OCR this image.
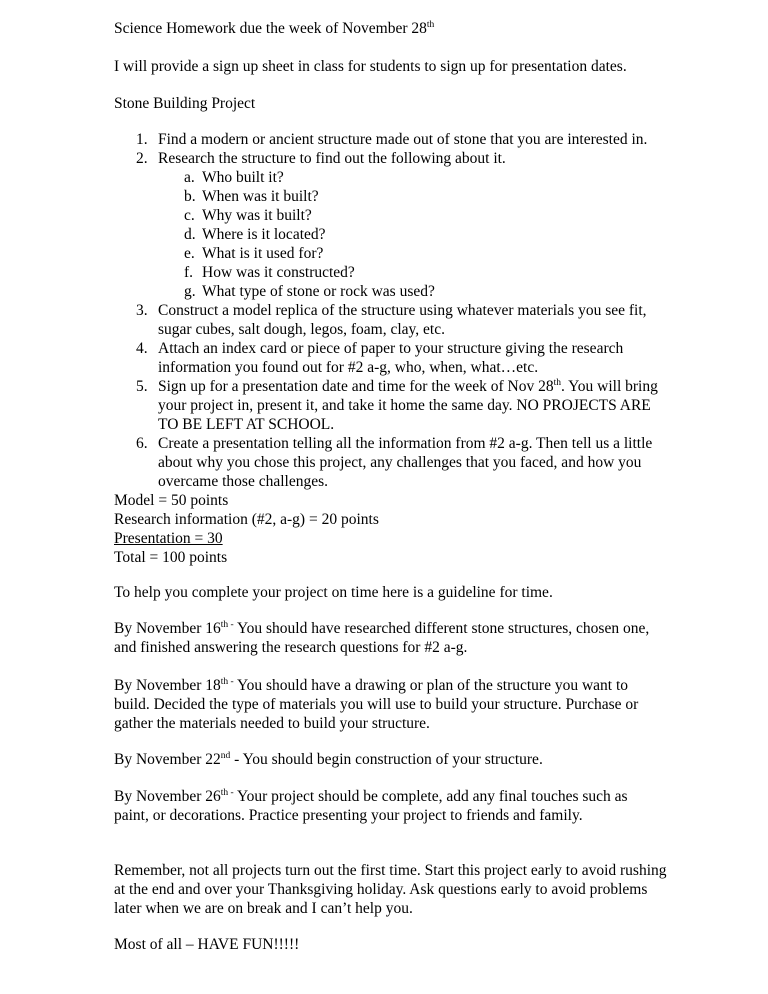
Science Homework due the week of November 28th

I will provide a sign up sheet in class for students to sign up for presentation dates.

Stone Building Project

1. Find a modern or ancient structure made out of stone that you are interested in.
2. Research the structure to find out the following about it.
a. Who built it?
b. When was it built?
c. Why was it built?
d. Where is it located?
e. What is it used for?
f. How was it constructed?
g. What type of stone or rock was used?
3. Construct a model replica of the structure using whatever materials you see fit,
sugar cubes, salt dough, legos, foam, clay, etc.
4. Attach an index card or piece of paper to your structure giving the research
information you found out for #2 a-g, who, when, what…etc.
5. Sign up for a presentation date and time for the week of Nov 28th. You will bring
your project in, present it, and take it home the same day. NO PROJECTS ARE
TO BE LEFT AT SCHOOL.
6. Create a presentation telling all the information from #2 a-g. Then tell us a little
about why you chose this project, any challenges that you faced, and how you
overcame those challenges.
Model = 50 points
Research information (#2, a-g) = 20 points
Presentation = 30
Total = 100 points

To help you complete your project on time here is a guideline for time.

By November $16^{th -}$ You should have researched different stone structures, chosen one,
and finished answering the research questions for #2 a-g.
By November $18^{th -}$ You should have a drawing or plan of the structure you want to
build. Decided the type of materials you will use to build your structure. Purchase or
gather the materials needed to build your structure.
By November 22nd - You should begin construction of your structure.
By November $26^{th -}$ Your project should be complete, add any final touches such as
paint, or decorations. Practice presenting your project to friends and family.
Remember, not all projects turn out the first time. Start this project early to avoid rushing
at the end and over your Thanksgiving holiday. Ask questions early to avoid problems
later when we are on break and I can’t help you.

Most of all – HAVE FUN!!!!!
